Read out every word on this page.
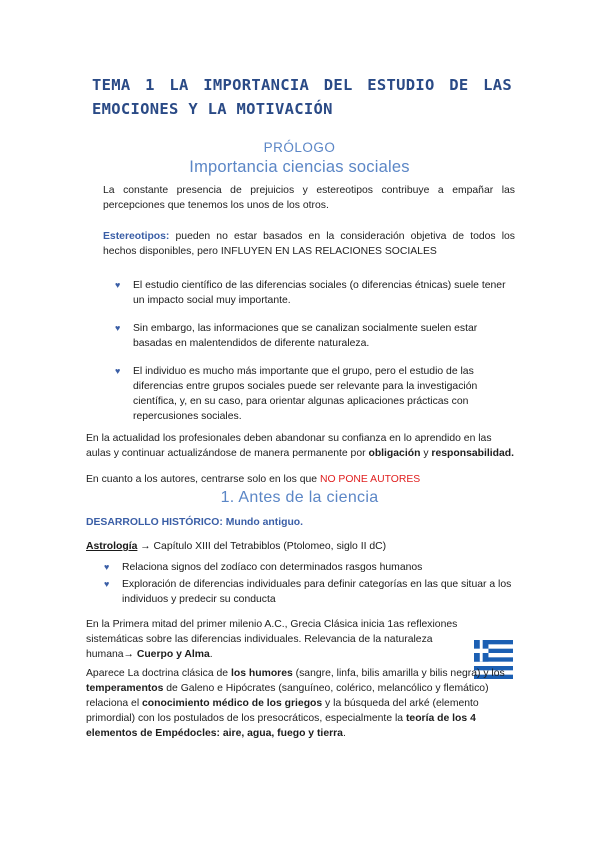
TEMA 1 LA IMPORTANCIA DEL ESTUDIO DE LAS EMOCIONES Y LA MOTIVACIÓN
PRÓLOGO
Importancia ciencias sociales
La constante presencia de prejuicios y estereotipos contribuye a empañar las percepciones que tenemos los unos de los otros.
Estereotipos: pueden no estar basados en la consideración objetiva de todos los hechos disponibles, pero INFLUYEN EN LAS RELACIONES SOCIALES
♥ El estudio científico de las diferencias sociales (o diferencias étnicas) suele tener un impacto social muy importante.
♥ Sin embargo, las informaciones que se canalizan socialmente suelen estar basadas en malentendidos de diferente naturaleza.
♥ El individuo es mucho más importante que el grupo, pero el estudio de las diferencias entre grupos sociales puede ser relevante para la investigación científica, y, en su caso, para orientar algunas aplicaciones prácticas con repercusiones sociales.
En la actualidad los profesionales deben abandonar su confianza en lo aprendido en las aulas y continuar actualizándose de manera permanente por obligación y responsabilidad.
En cuanto a los autores, centrarse solo en los que NO PONE AUTORES
1. Antes de la ciencia
DESARROLLO HISTÓRICO: Mundo antiguo.
Astrología → Capítulo XIII del Tetrabiblos (Ptolomeo, siglo II dC)
♥ Relaciona signos del zodíaco con determinados rasgos humanos
♥ Exploración de diferencias individuales para definir categorías en las que situar a los individuos y predecir su conducta
En la Primera mitad del primer milenio A.C., Grecia Clásica inicia 1as reflexiones sistemáticas sobre las diferencias individuales. Relevancia de la naturaleza humana→ Cuerpo y Alma.
Aparece La doctrina clásica de los humores (sangre, linfa, bilis amarilla y bilis negra) y los temperamentos de Galeno e Hipócrates (sanguíneo, colérico, melancólico y flemático) relaciona el conocimiento médico de los griegos y la búsqueda del arké (elemento primordial) con los postulados de los presocráticos, especialmente la teoría de los 4 elementos de Empédocles: aire, agua, fuego y tierra.
